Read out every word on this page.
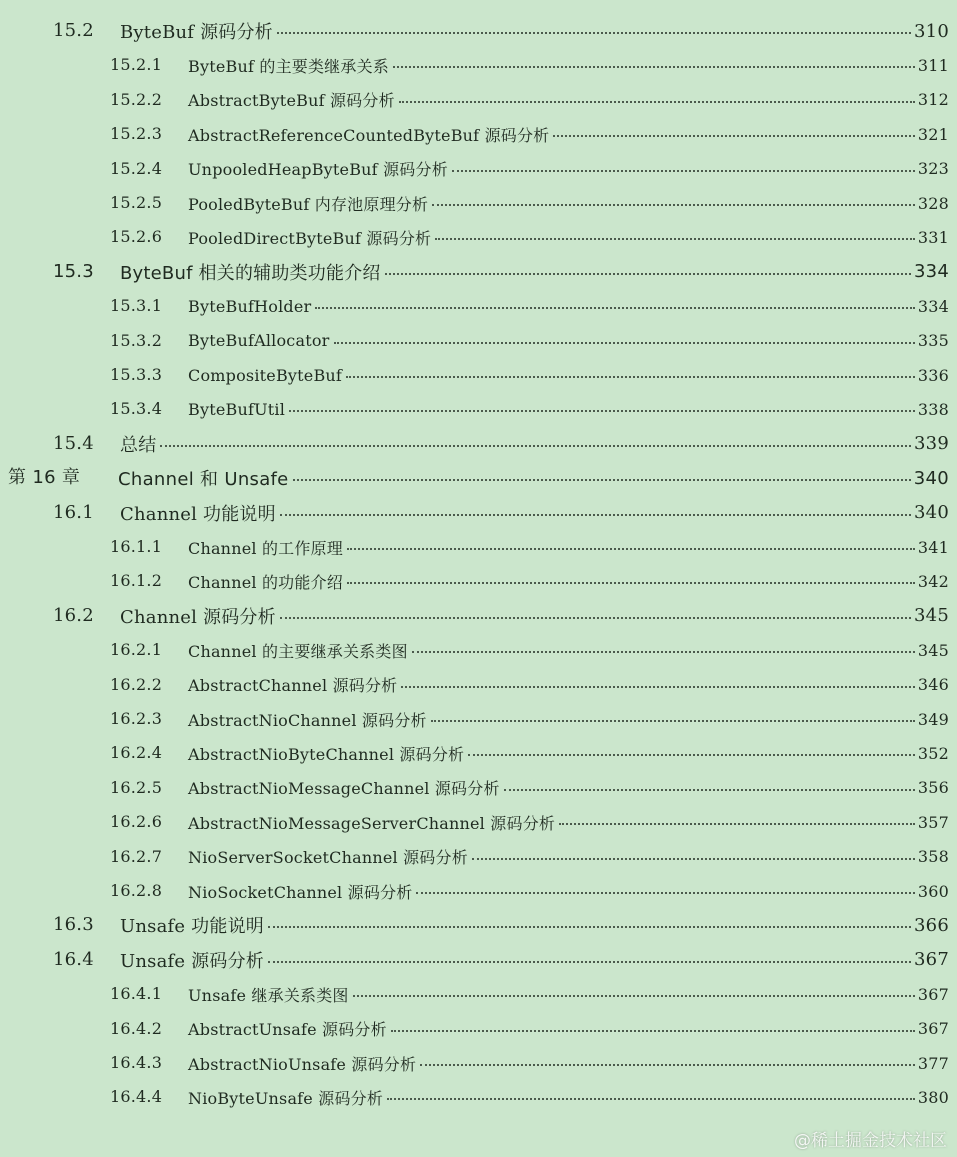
15.2 ByteBuf 源码分析	310
15.2.1 ByteBuf 的主要类继承关系	311
15.2.2 AbstractByteBuf 源码分析	312
15.2.3 AbstractReferenceCountedByteBuf 源码分析	321
15.2.4 UnpooledHeapByteBuf 源码分析	323
15.2.5 PooledByteBuf 内存池原理分析	328
15.2.6 PooledDirectByteBuf 源码分析	331
15.3 ByteBuf 相关的辅助类功能介绍	334
15.3.1 ByteBufHolder	334
15.3.2 ByteBufAllocator	335
15.3.3 CompositeByteBuf	336
15.3.4 ByteBufUtil	338
15.4 总结	339
第 16 章 Channel 和 Unsafe	340
16.1 Channel 功能说明	340
16.1.1 Channel 的工作原理	341
16.1.2 Channel 的功能介绍	342
16.2 Channel 源码分析	345
16.2.1 Channel 的主要继承关系类图	345
16.2.2 AbstractChannel 源码分析	346
16.2.3 AbstractNioChannel 源码分析	349
16.2.4 AbstractNioByteChannel 源码分析	352
16.2.5 AbstractNioMessageChannel 源码分析	356
16.2.6 AbstractNioMessageServerChannel 源码分析	357
16.2.7 NioServerSocketChannel 源码分析	358
16.2.8 NioSocketChannel 源码分析	360
16.3 Unsafe 功能说明	366
16.4 Unsafe 源码分析	367
16.4.1 Unsafe 继承关系类图	367
16.4.2 AbstractUnsafe 源码分析	367
16.4.3 AbstractNioUnsafe 源码分析	377
16.4.4 NioByteUnsafe 源码分析	380
@稀土掘金技术社区
